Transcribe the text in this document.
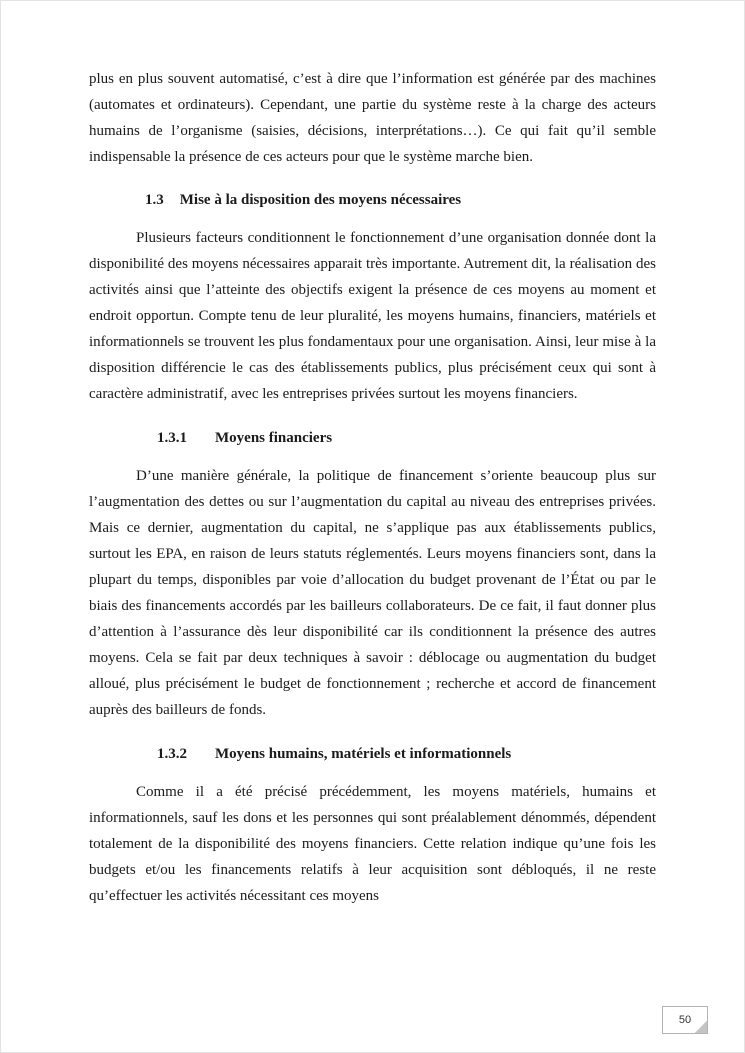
plus en plus souvent automatisé, c’est à dire que l’information est générée par des machines (automates et ordinateurs). Cependant, une partie du système reste à la charge des acteurs humains de l’organisme (saisies, décisions, interprétations…). Ce qui fait qu’il semble indispensable la présence de ces acteurs pour que le système marche bien.

1.3 Mise à la disposition des moyens nécessaires

Plusieurs facteurs conditionnent le fonctionnement d’une organisation donnée dont la disponibilité des moyens nécessaires apparait très importante. Autrement dit, la réalisation des activités ainsi que l’atteinte des objectifs exigent la présence de ces moyens au moment et endroit opportun. Compte tenu de leur pluralité, les moyens humains, financiers, matériels et informationnels se trouvent les plus fondamentaux pour une organisation. Ainsi, leur mise à la disposition différencie le cas des établissements publics, plus précisément ceux qui sont à caractère administratif, avec les entreprises privées surtout les moyens financiers.

1.3.1 Moyens financiers

D’une manière générale, la politique de financement s’oriente beaucoup plus sur l’augmentation des dettes ou sur l’augmentation du capital au niveau des entreprises privées. Mais ce dernier, augmentation du capital, ne s’applique pas aux établissements publics, surtout les EPA, en raison de leurs statuts réglementés. Leurs moyens financiers sont, dans la plupart du temps, disponibles par voie d’allocation du budget provenant de l’État ou par le biais des financements accordés par les bailleurs collaborateurs. De ce fait, il faut donner plus d’attention à l’assurance dès leur disponibilité car ils conditionnent la présence des autres moyens. Cela se fait par deux techniques à savoir : déblocage ou augmentation du budget alloué, plus précisément le budget de fonctionnement ; recherche et accord de financement auprès des bailleurs de fonds.

1.3.2 Moyens humains, matériels et informationnels

Comme il a été précisé précédemment, les moyens matériels, humains et informationnels, sauf les dons et les personnes qui sont préalablement dénommés, dépendent totalement de la disponibilité des moyens financiers. Cette relation indique qu’une fois les budgets et/ou les financements relatifs à leur acquisition sont débloqués, il ne reste qu’effectuer les activités nécessitant ces moyens

50
